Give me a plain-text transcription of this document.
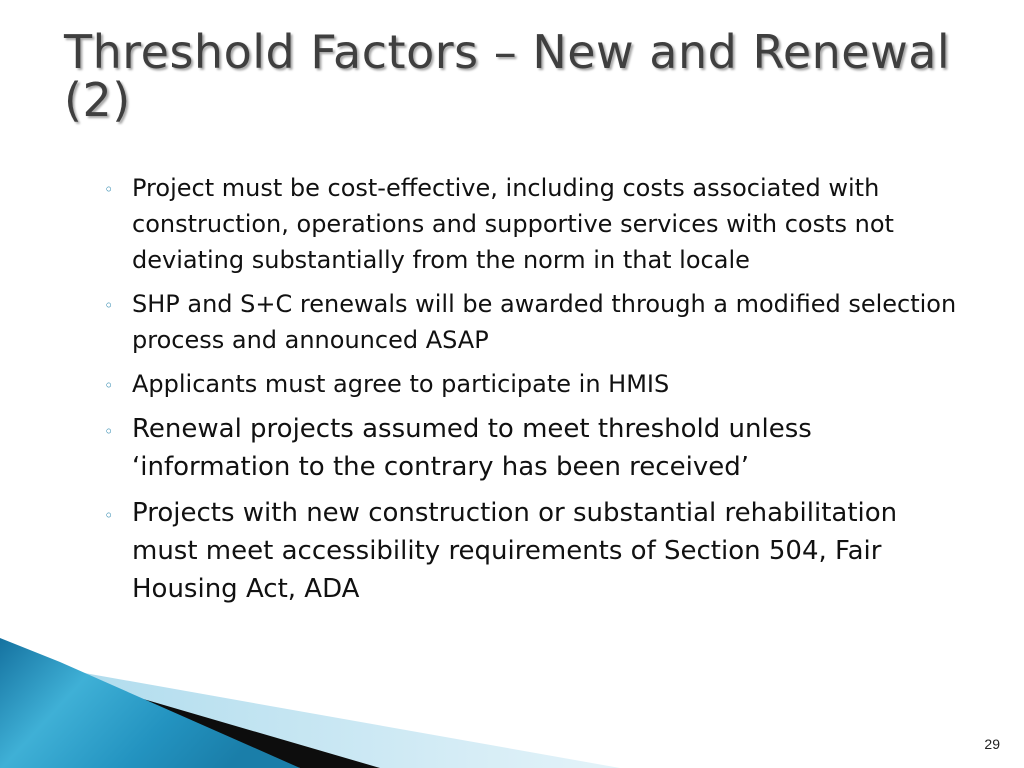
Threshold Factors – New and Renewal (2)
◦ Project must be cost-effective, including costs associated with construction, operations and supportive services with costs not deviating substantially from the norm in that locale
◦ SHP and S+C renewals will be awarded through a modified selection process and announced ASAP
◦ Applicants must agree to participate in HMIS
◦ Renewal projects assumed to meet threshold unless ‘information to the contrary has been received’
◦ Projects with new construction or substantial rehabilitation must meet accessibility requirements of Section 504, Fair Housing Act, ADA
29
